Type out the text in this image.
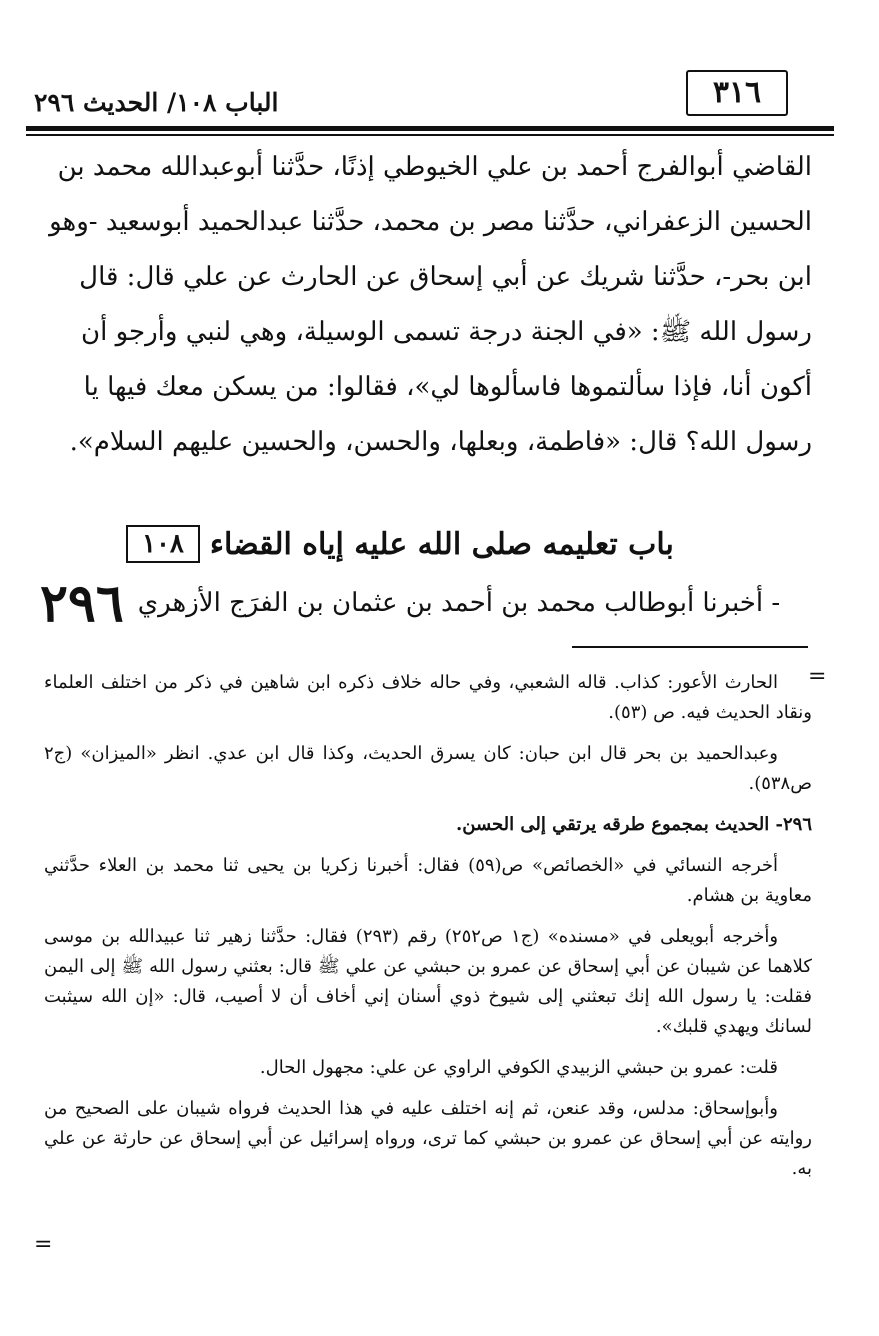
٣١٦
الباب ١٠٨/ الحديث ٢٩٦

القاضي أبوالفرج أحمد بن علي الخيوطي إذنًا، حدَّثنا أبوعبدالله محمد بن

الحسين الزعفراني، حدَّثنا مصر بن محمد، حدَّثنا عبدالحميد أبوسعيد -وهو

ابن بحر-، حدَّثنا شريك عن أبي إسحاق عن الحارث عن علي قال: قال

رسول الله ﷺ: «في الجنة درجة تسمى الوسيلة، وهي لنبي وأرجو أن

أكون أنا، فإذا سألتموها فاسألوها لي»، فقالوا: من يسكن معك فيها يا

رسول الله؟ قال: «فاطمة، وبعلها، والحسن، والحسين عليهم السلام».

١٠٨ باب تعليمه صلى الله عليه إياه القضاء
٢٩٦ - أخبرنا أبوطالب محمد بن أحمد بن عثمان بن الفرَج الأزهري
=

الحارث الأعور: كذاب. قاله الشعبي، وفي حاله خلاف ذكره ابن شاهين في ذكر من اختلف العلماء ونقاد الحديث فيه. ص (٥٣).

وعبدالحميد بن بحر قال ابن حبان: كان يسرق الحديث، وكذا قال ابن عدي. انظر «الميزان» (ج٢ ص٥٣٨).

٢٩٦- الحديث بمجموع طرقه يرتقي إلى الحسن.

أخرجه النسائي في «الخصائص» ص(٥٩) فقال: أخبرنا زكريا بن يحيى ثنا محمد بن العلاء حدَّثني معاوية بن هشام.

وأخرجه أبويعلى في «مسنده» (ج١ ص٢٥٢) رقم (٢٩٣) فقال: حدَّثنا زهير ثنا عبيدالله بن موسى كلاهما عن شيبان عن أبي إسحاق عن عمرو بن حبشي عن علي ﷺ قال: بعثني رسول الله ﷺ إلى اليمن فقلت: يا رسول الله إنك تبعثني إلى شيوخ ذوي أسنان إني أخاف أن لا أصيب، قال: «إن الله سيثبت لسانك ويهدي قلبك».

قلت: عمرو بن حبشي الزبيدي الكوفي الراوي عن علي: مجهول الحال.

وأبوإسحاق: مدلس، وقد عنعن، ثم إنه اختلف عليه في هذا الحديث فرواه شيبان على الصحيح من روايته عن أبي إسحاق عن عمرو بن حبشي كما ترى، ورواه إسرائيل عن أبي إسحاق عن حارثة عن علي به.

=
